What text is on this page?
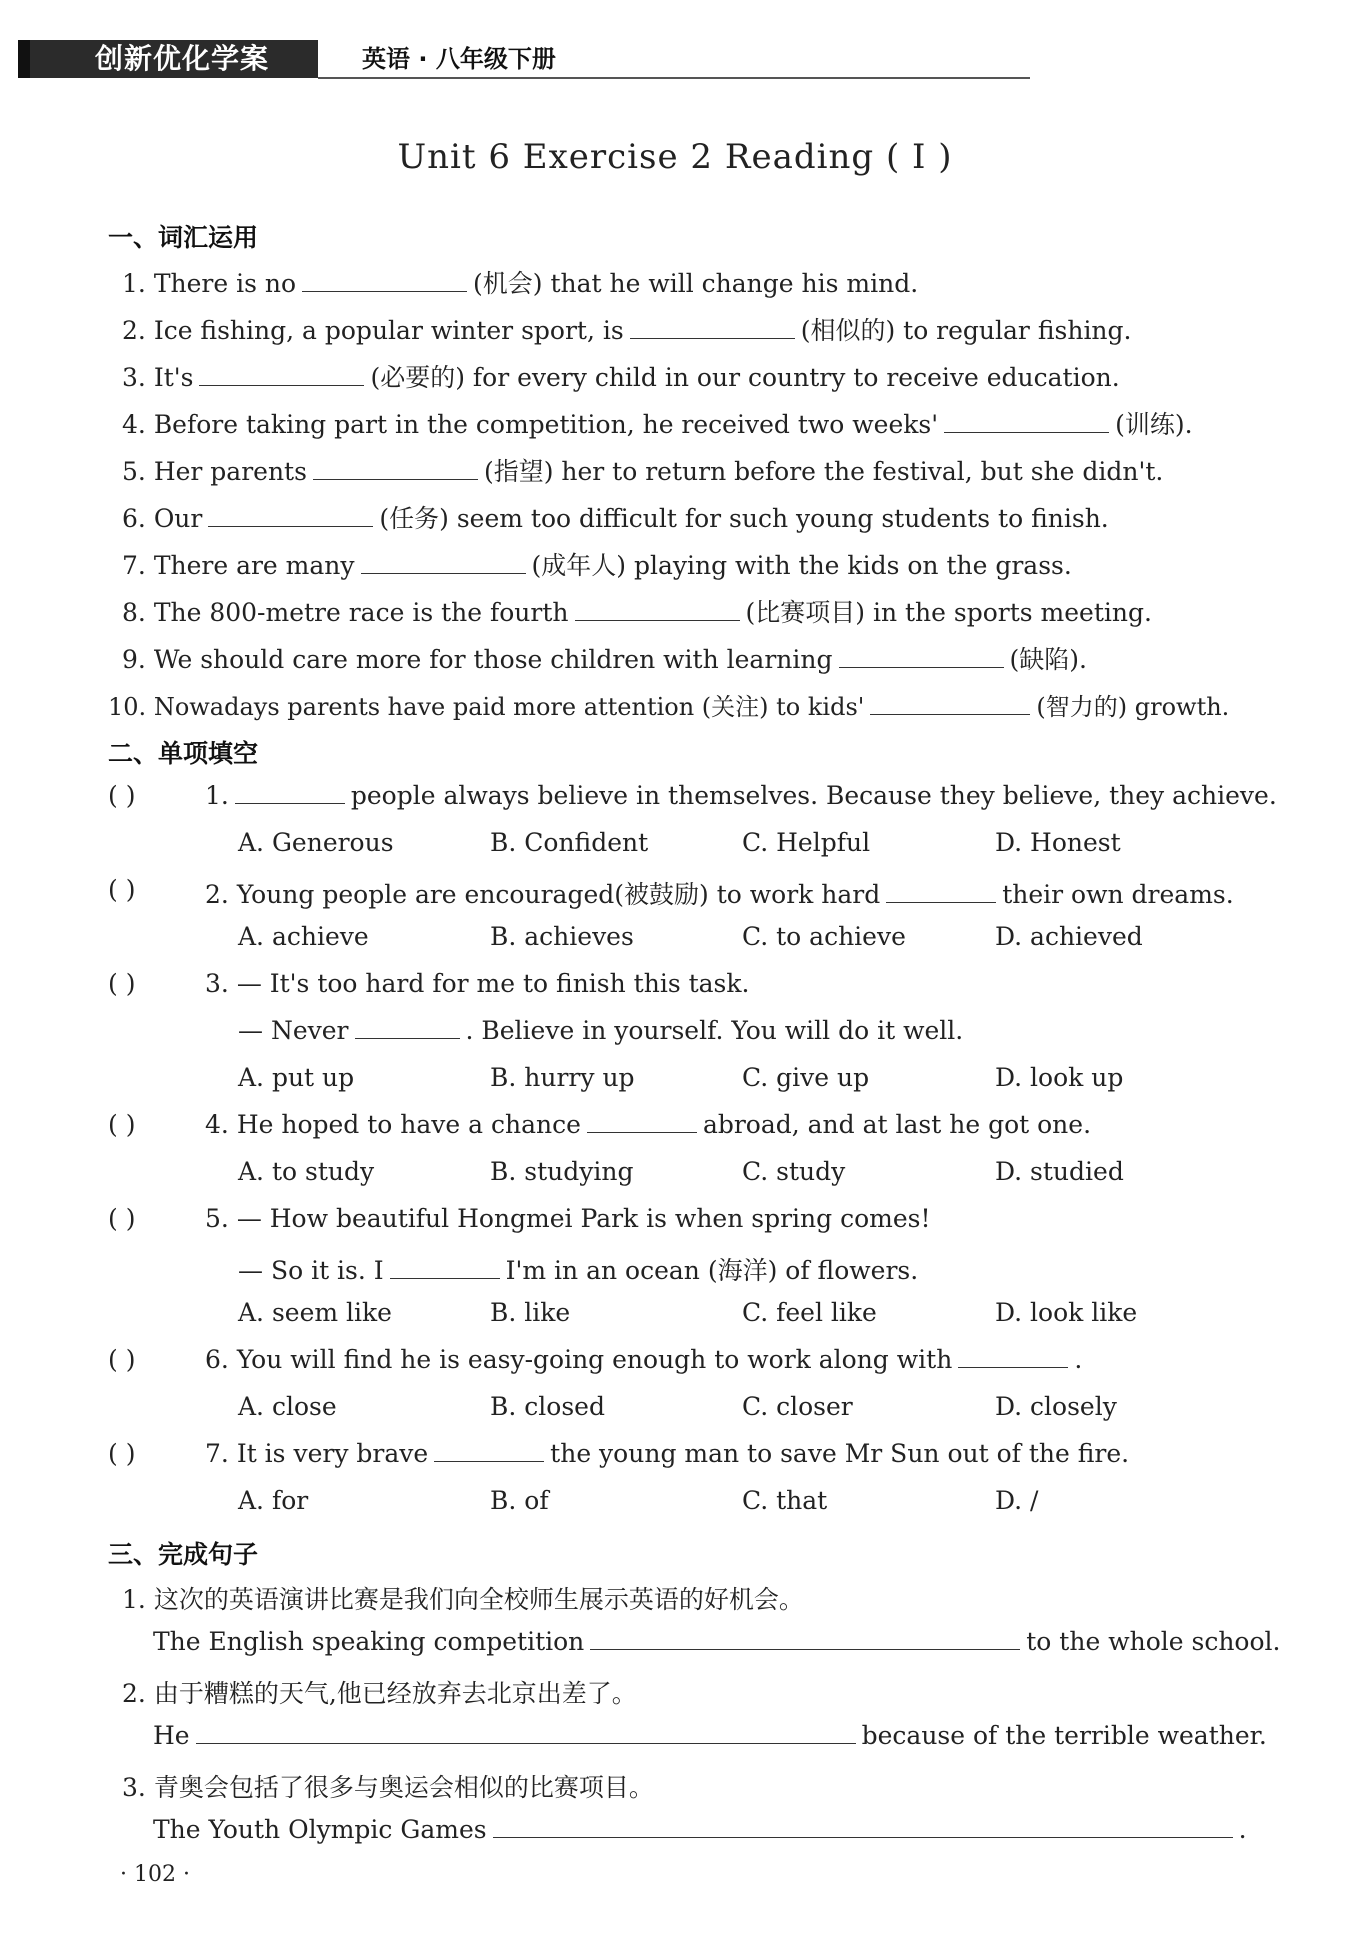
创新优化学案	英语 · 八年级下册
Unit 6 Exercise 2 Reading ( Ⅰ )
一、词汇运用
1. There is no	(机会) that he will change his mind.
2. Ice fishing, a popular winter sport, is	(相似的) to regular fishing.
3. It's	(必要的) for every child in our country to receive education.
4. Before taking part in the competition, he received two weeks'	(训练).
5. Her parents	(指望) her to return before the festival, but she didn't.
6. Our	(任务) seem too difficult for such young students to finish.
7. There are many	(成年人) playing with the kids on the grass.
8. The 800-metre race is the fourth	(比赛项目) in the sports meeting.
9. We should care more for those children with learning	(缺陷).
10. Nowadays parents have paid more attention (关注) to kids'	(智力的) growth.
二、单项填空
( )	1.	people always believe in themselves. Because they believe, they achieve.
A. Generous	B. Confident	C. Helpful	D. Honest
( )	2. Young people are encouraged(被鼓励) to work hard	their own dreams.
A. achieve	B. achieves	C. to achieve	D. achieved
( )	3. — It's too hard for me to finish this task.
— Never	. Believe in yourself. You will do it well.
A. put up	B. hurry up	C. give up	D. look up
( )	4. He hoped to have a chance	abroad, and at last he got one.
A. to study	B. studying	C. study	D. studied
( )	5. — How beautiful Hongmei Park is when spring comes!
— So it is. I	I'm in an ocean (海洋) of flowers.
A. seem like	B. like	C. feel like	D. look like
( )	6. You will find he is easy-going enough to work along with	.
A. close	B. closed	C. closer	D. closely
( )	7. It is very brave	the young man to save Mr Sun out of the fire.
A. for	B. of	C. that	D. /
三、完成句子
1. 这次的英语演讲比赛是我们向全校师生展示英语的好机会。
The English speaking competition	to the whole school.
2. 由于糟糕的天气,他已经放弃去北京出差了。
He	because of the terrible weather.
3. 青奥会包括了很多与奥运会相似的比赛项目。
The Youth Olympic Games	.
· 102 ·
